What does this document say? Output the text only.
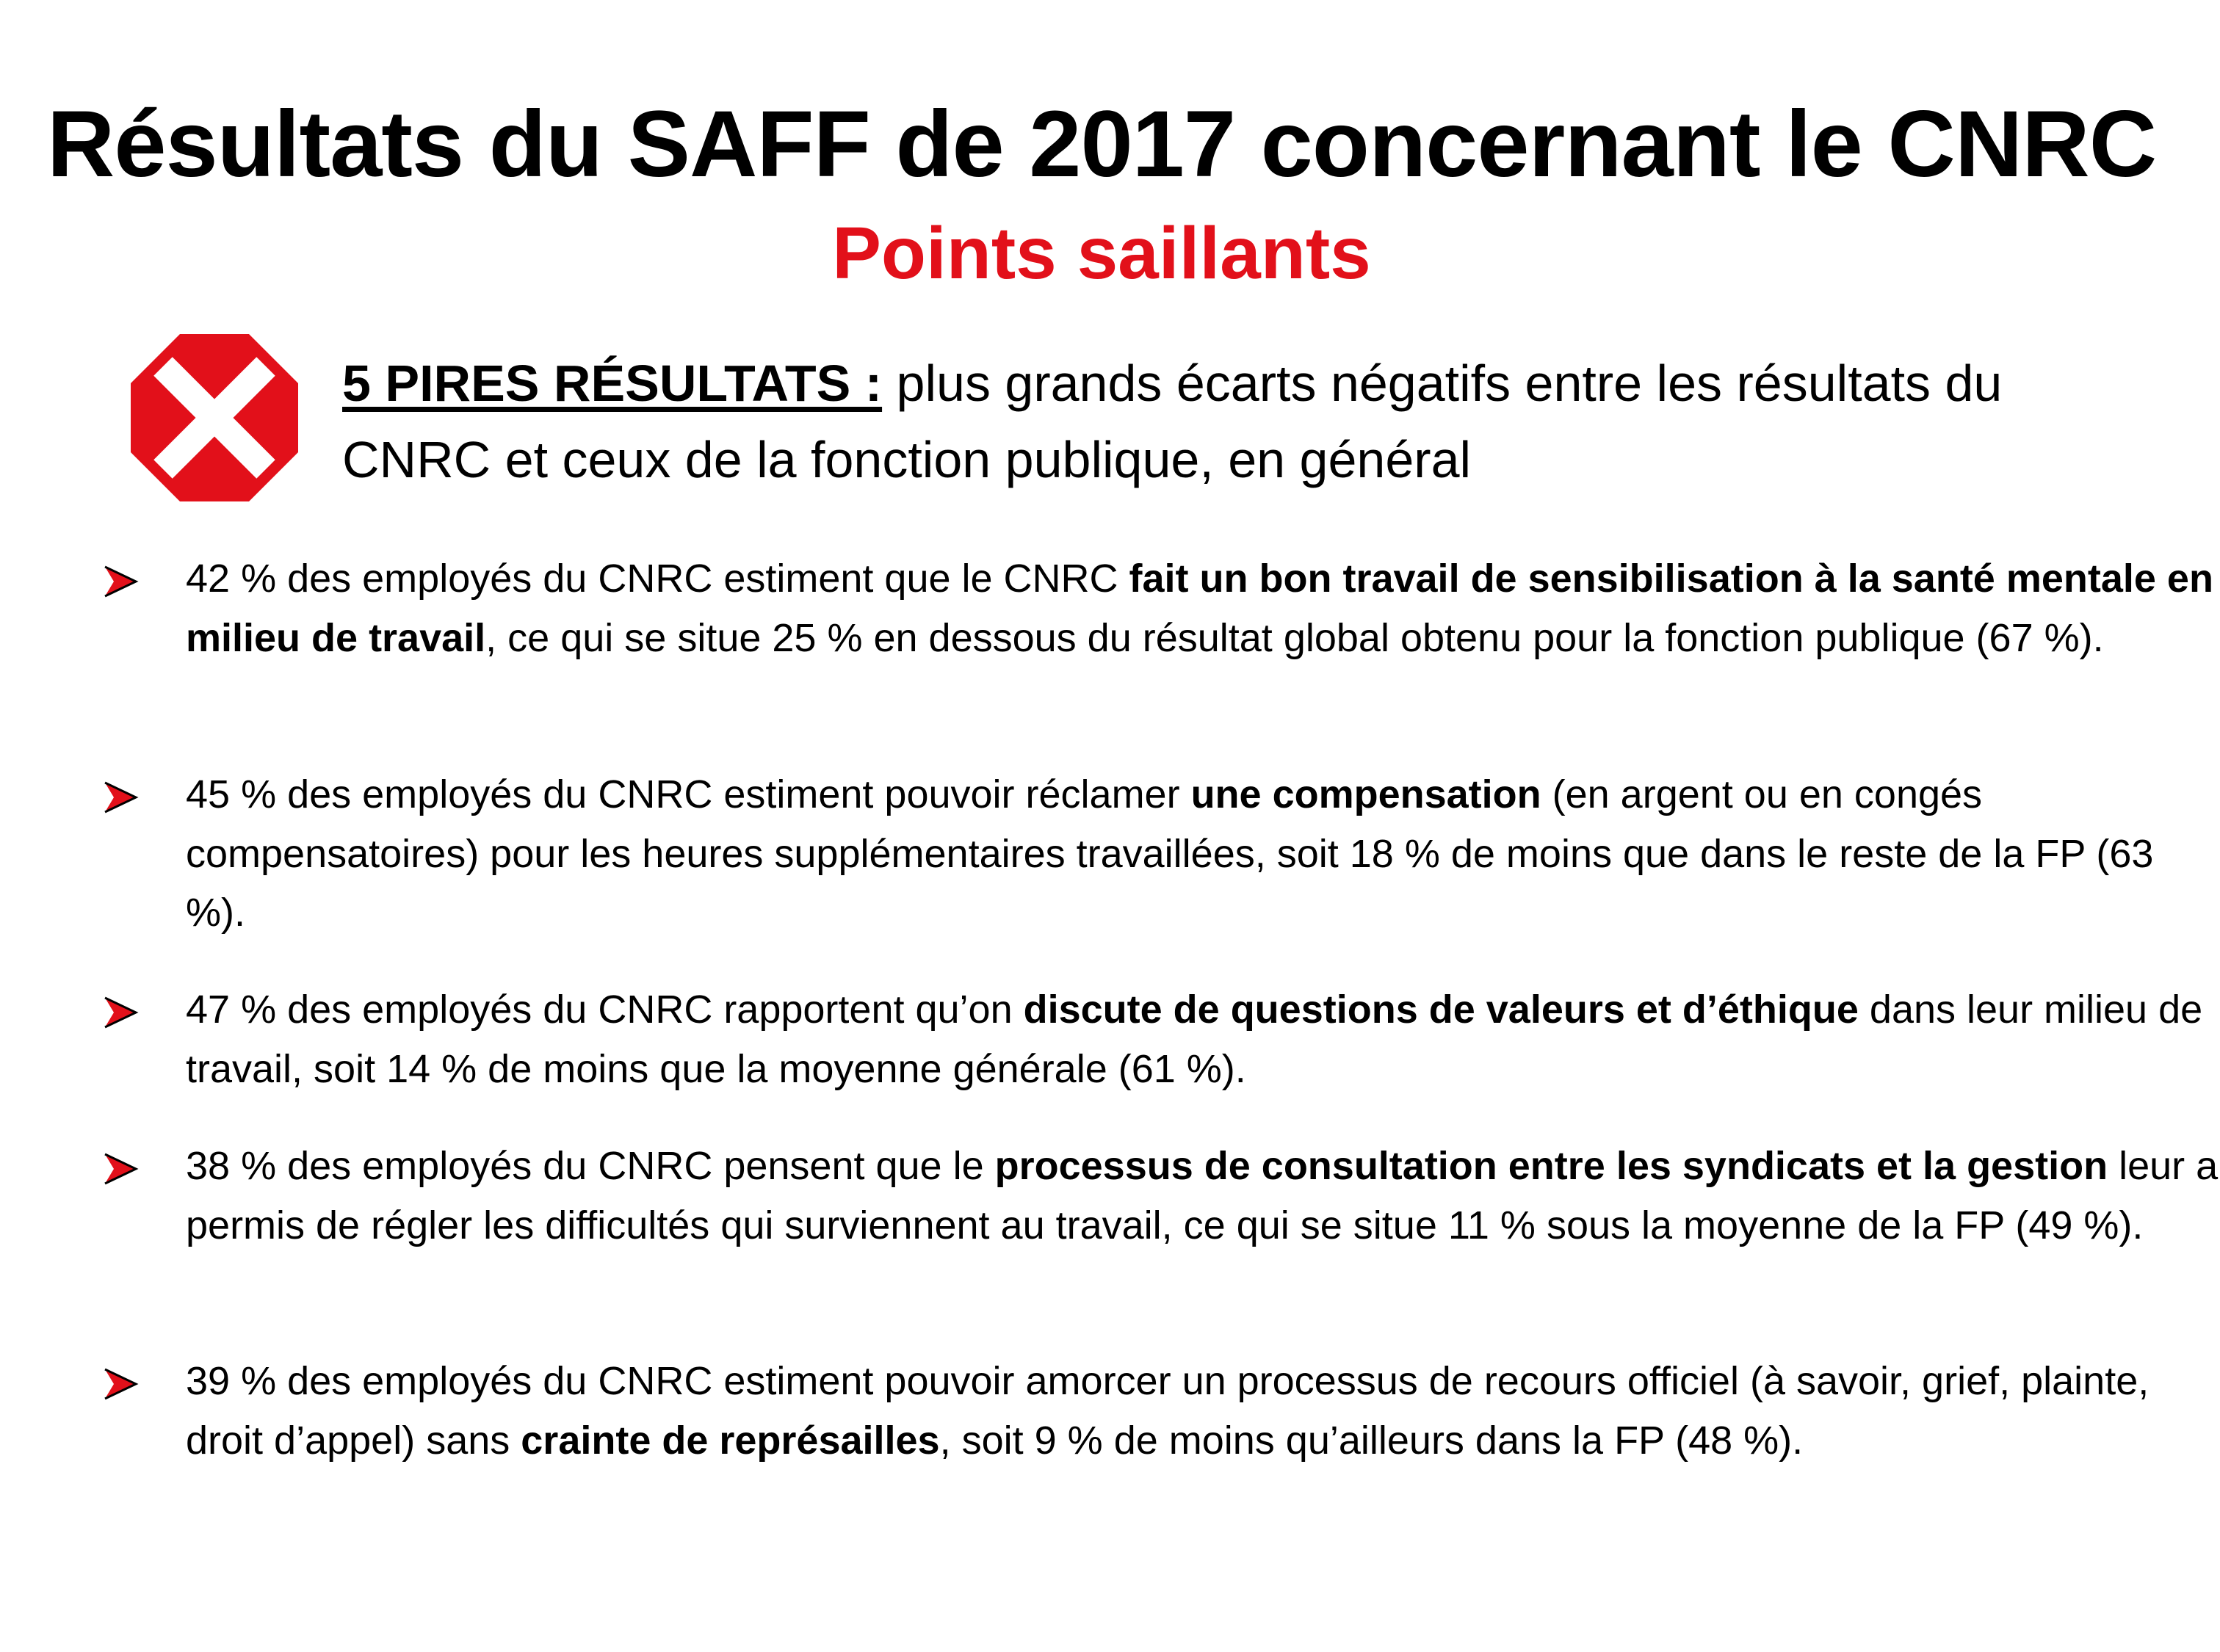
Résultats du SAFF de 2017 concernant le CNRC
Points saillants
5 PIRES RÉSULTATS : plus grands écarts négatifs entre les résultats du CNRC et ceux de la fonction publique, en général
42 % des employés du CNRC estiment que le CNRC fait un bon travail de sensibilisation à la santé mentale en milieu de travail, ce qui se situe 25 % en dessous du résultat global obtenu pour la fonction publique (67 %).
45 % des employés du CNRC estiment pouvoir réclamer une compensation (en argent ou en congés compensatoires) pour les heures supplémentaires travaillées, soit 18 % de moins que dans le reste de la FP (63 %).
47 % des employés du CNRC rapportent qu’on discute de questions de valeurs et d’éthique dans leur milieu de travail, soit 14 % de moins que la moyenne générale (61 %).
38 % des employés du CNRC pensent que le processus de consultation entre les syndicats et la gestion leur a permis de régler les difficultés qui surviennent au travail, ce qui se situe 11 % sous la moyenne de la FP (49 %).
39 % des employés du CNRC estiment pouvoir amorcer un processus de recours officiel (à savoir, grief, plainte, droit d’appel) sans crainte de représailles, soit 9 % de moins qu’ailleurs dans la FP (48 %).
